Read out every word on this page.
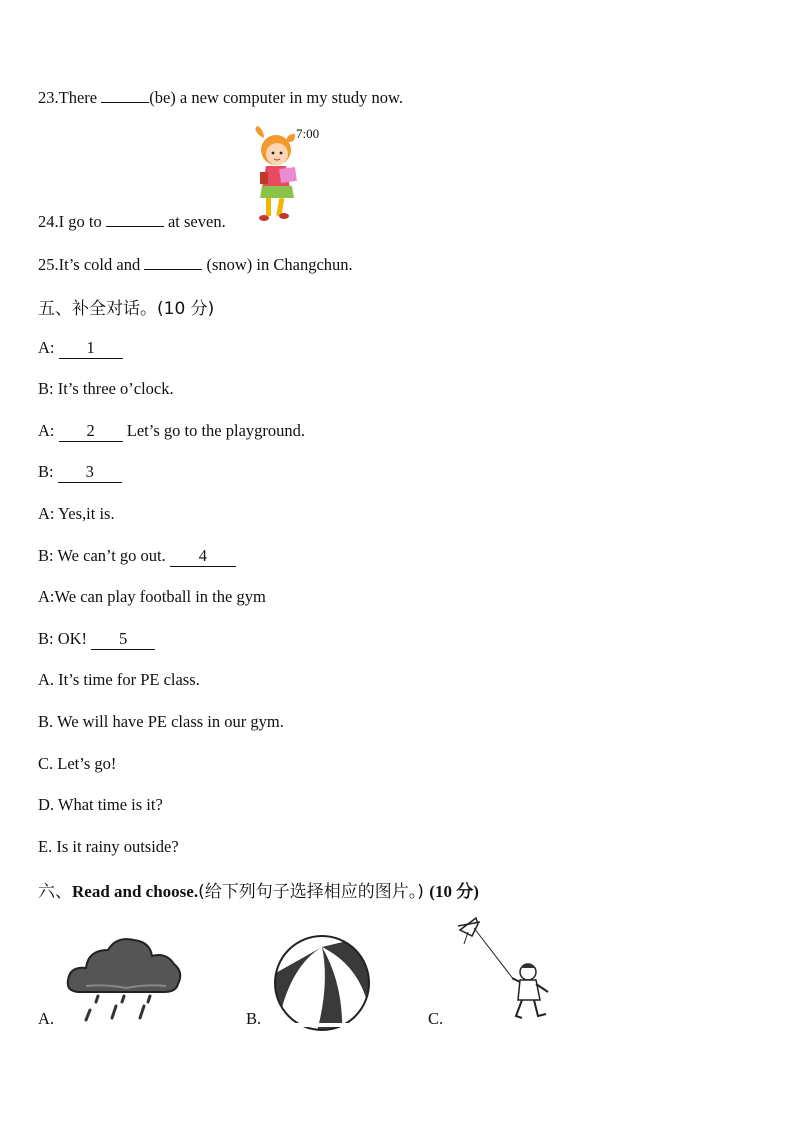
23.There	(be) a new computer in my study now.
7:00
24.I go to	at seven.
25.It’s cold and	(snow) in Changchun.
五、补全对话。(10 分)
A: 1
B: It’s three o’clock.
A: 2 Let’s go to the playground.
B: 3
A: Yes,it is.
B: We can’t go out. 4
A:We can play football in the gym
B: OK! 5
A. It’s time for PE class.
B. We will have PE class in our gym.
C. Let’s go!
D. What time is it?
E. Is it rainy outside?
六、Read and choose.(给下列句子选择相应的图片。) (10 分)
A.	B.	C.
